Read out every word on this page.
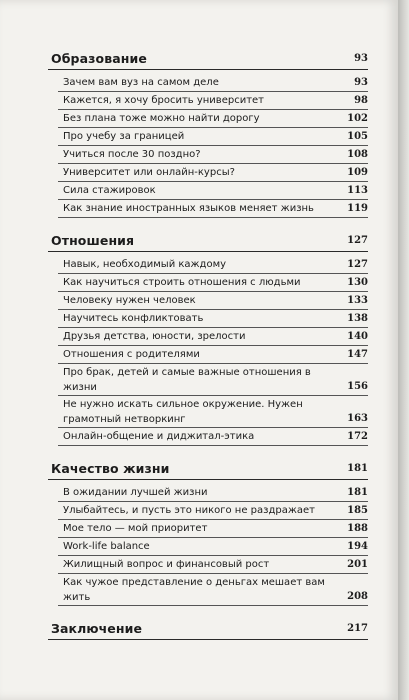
Образование	93
Зачем вам вуз на самом деле	93
Кажется, я хочу бросить университет	98
Без плана тоже можно найти дорогу	102
Про учебу за границей	105
Учиться после 30 поздно?	108
Университет или онлайн-курсы?	109
Сила стажировок	113
Как знание иностранных языков меняет жизнь	119
Отношения	127
Навык, необходимый каждому	127
Как научиться строить отношения с людьми	130
Человеку нужен человек	133
Научитесь конфликтовать	138
Друзья детства, юности, зрелости	140
Отношения с родителями	147
Про брак, детей и самые важные отношения в жизни	156
Не нужно искать сильное окружение. Нужен грамотный нетворкинг	163
Онлайн-общение и диджитал-этика	172
Качество жизни	181
В ожидании лучшей жизни	181
Улыбайтесь, и пусть это никого не раздражает	185
Мое тело — мой приоритет	188
Work-life balance	194
Жилищный вопрос и финансовый рост	201
Как чужое представление о деньгах мешает вам жить	208
Заключение	217
